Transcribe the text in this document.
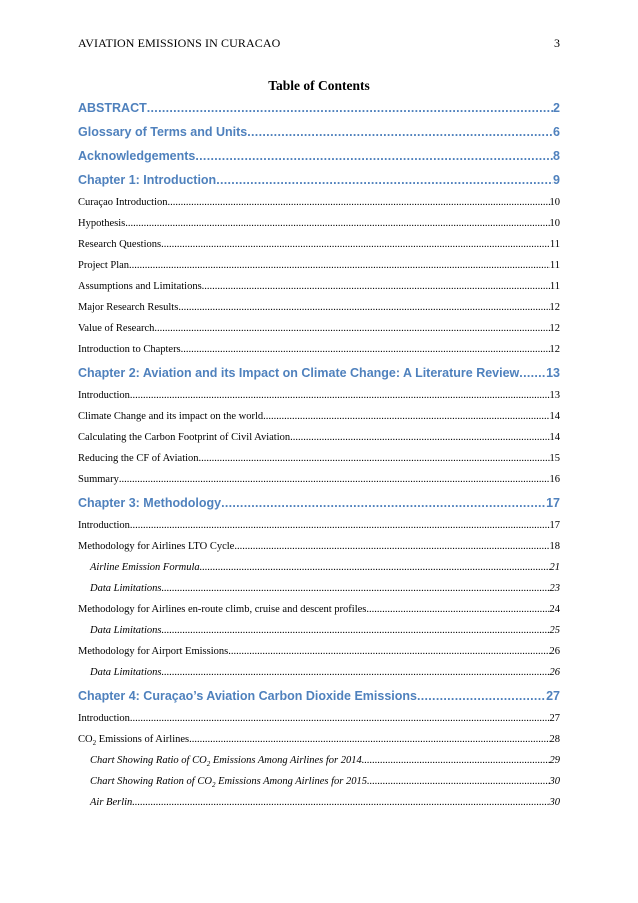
AVIATION EMISSIONS IN CURACAO	3
Table of Contents
ABSTRACT .....	2
Glossary of Terms and Units .....	6
Acknowledgements .....	8
Chapter 1: Introduction .....	9
Curaçao Introduction .....	10
Hypothesis .....	10
Research Questions .....	11
Project Plan .....	11
Assumptions and Limitations .....	11
Major Research Results .....	12
Value of Research .....	12
Introduction to Chapters .....	12
Chapter 2: Aviation and its Impact on Climate Change: A Literature Review ..... 13
Introduction .....	13
Climate Change and its impact on the world .....	14
Calculating the Carbon Footprint of Civil Aviation .....	14
Reducing the CF of Aviation .....	15
Summary .....	16
Chapter 3: Methodology .....	17
Introduction .....	17
Methodology for Airlines LTO Cycle .....	18
Airline Emission Formula .....	21
Data Limitations .....	23
Methodology for Airlines en-route climb, cruise and descent profiles .....	24
Data Limitations .....	25
Methodology for Airport Emissions .....	26
Data Limitations .....	26
Chapter 4: Curaçao’s Aviation Carbon Dioxide Emissions .....	27
Introduction .....	27
$CO_2$ Emissions of Airlines .....	28
Chart Showing Ratio of $CO_2$ Emissions Among Airlines for 2014 .....	29
Chart Showing Ration of $CO_2$ Emissions Among Airlines for 2015 .....	30
Air Berlin .....	30
